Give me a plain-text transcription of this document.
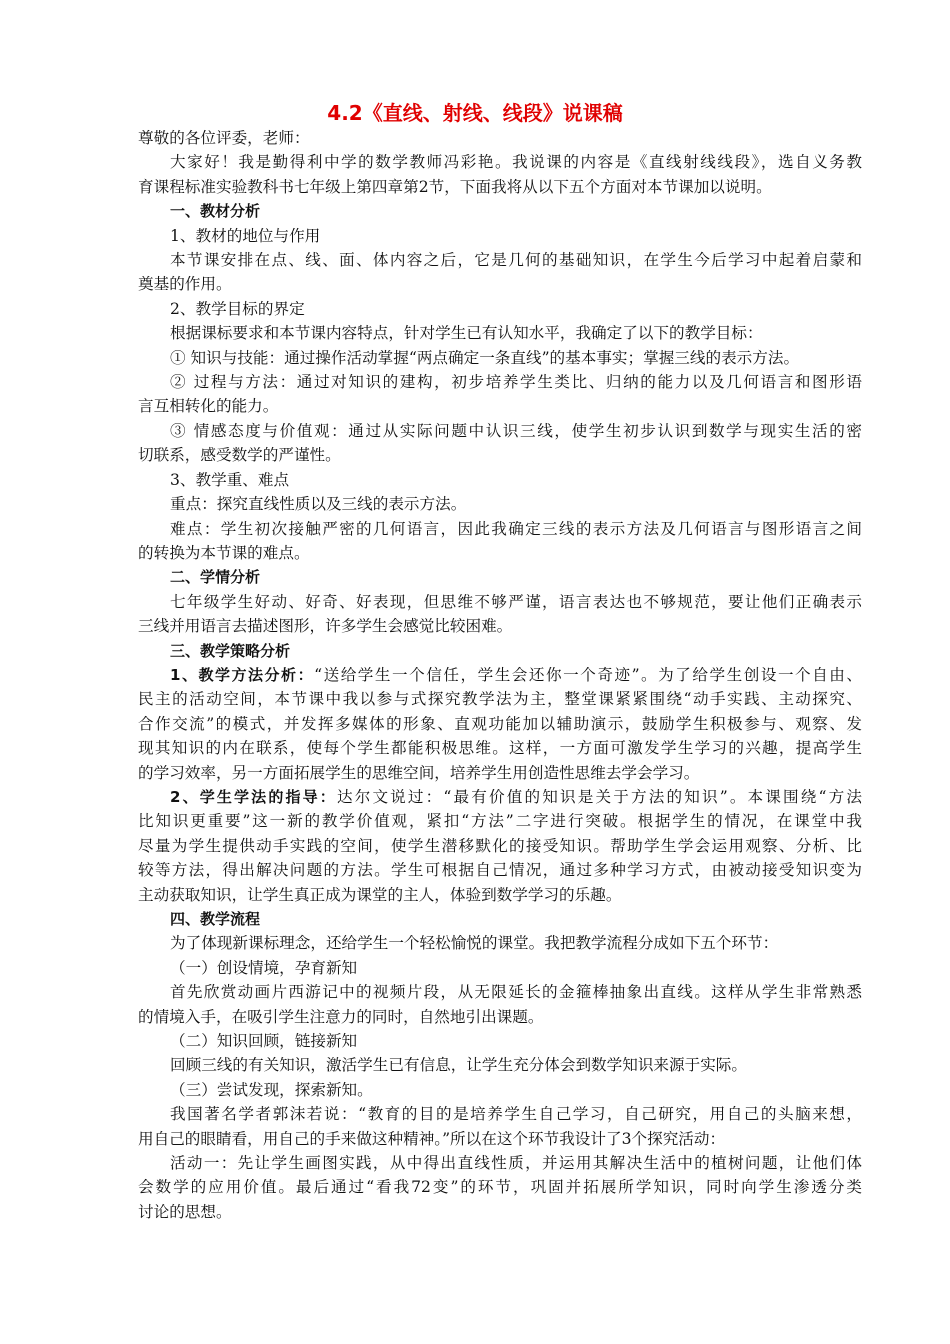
4.2《直线、射线、线段》说课稿
尊敬的各位评委，老师：
大家好！我是勤得利中学的数学教师冯彩艳。我说课的内容是《直线射线线段》，选自义务教
育课程标准实验教科书七年级上第四章第2节，下面我将从以下五个方面对本节课加以说明。
一、教材分析
1、教材的地位与作用
本节课安排在点、线、面、体内容之后，它是几何的基础知识，在学生今后学习中起着启蒙和
奠基的作用。
2、教学目标的界定
根据课标要求和本节课内容特点，针对学生已有认知水平，我确定了以下的教学目标：
① 知识与技能：通过操作活动掌握“两点确定一条直线”的基本事实；掌握三线的表示方法。
② 过程与方法：通过对知识的建构，初步培养学生类比、归纳的能力以及几何语言和图形语
言互相转化的能力。
③ 情感态度与价值观：通过从实际问题中认识三线，使学生初步认识到数学与现实生活的密
切联系，感受数学的严谨性。
3、教学重、难点
重点：探究直线性质以及三线的表示方法。
难点：学生初次接触严密的几何语言，因此我确定三线的表示方法及几何语言与图形语言之间
的转换为本节课的难点。
二、学情分析
七年级学生好动、好奇、好表现，但思维不够严谨，语言表达也不够规范，要让他们正确表示
三线并用语言去描述图形，许多学生会感觉比较困难。
三、教学策略分析
1、教学方法分析：“送给学生一个信任，学生会还你一个奇迹”。为了给学生创设一个自由、
民主的活动空间，本节课中我以参与式探究教学法为主，整堂课紧紧围绕“动手实践、主动探究、
合作交流”的模式，并发挥多媒体的形象、直观功能加以辅助演示，鼓励学生积极参与、观察、发
现其知识的内在联系，使每个学生都能积极思维。这样，一方面可激发学生学习的兴趣，提高学生
的学习效率，另一方面拓展学生的思维空间，培养学生用创造性思维去学会学习。
2、学生学法的指导：达尔文说过：“最有价值的知识是关于方法的知识”。本课围绕“方法
比知识更重要”这一新的教学价值观，紧扣“方法”二字进行突破。根据学生的情况，在课堂中我
尽量为学生提供动手实践的空间，使学生潜移默化的接受知识。帮助学生学会运用观察、分析、比
较等方法，得出解决问题的方法。学生可根据自己情况，通过多种学习方式，由被动接受知识变为
主动获取知识，让学生真正成为课堂的主人，体验到数学学习的乐趣。
四、教学流程
为了体现新课标理念，还给学生一个轻松愉悦的课堂。我把教学流程分成如下五个环节：
（一）创设情境，孕育新知
首先欣赏动画片西游记中的视频片段，从无限延长的金箍棒抽象出直线。这样从学生非常熟悉
的情境入手，在吸引学生注意力的同时，自然地引出课题。
（二）知识回顾，链接新知
回顾三线的有关知识，激活学生已有信息，让学生充分体会到数学知识来源于实际。
（三）尝试发现，探索新知。
我国著名学者郭沫若说：“教育的目的是培养学生自己学习，自己研究，用自己的头脑来想，
用自己的眼睛看，用自己的手来做这种精神。”所以在这个环节我设计了3个探究活动：
活动一：先让学生画图实践，从中得出直线性质，并运用其解决生活中的植树问题，让他们体
会数学的应用价值。最后通过“看我72变”的环节，巩固并拓展所学知识，同时向学生渗透分类
讨论的思想。
